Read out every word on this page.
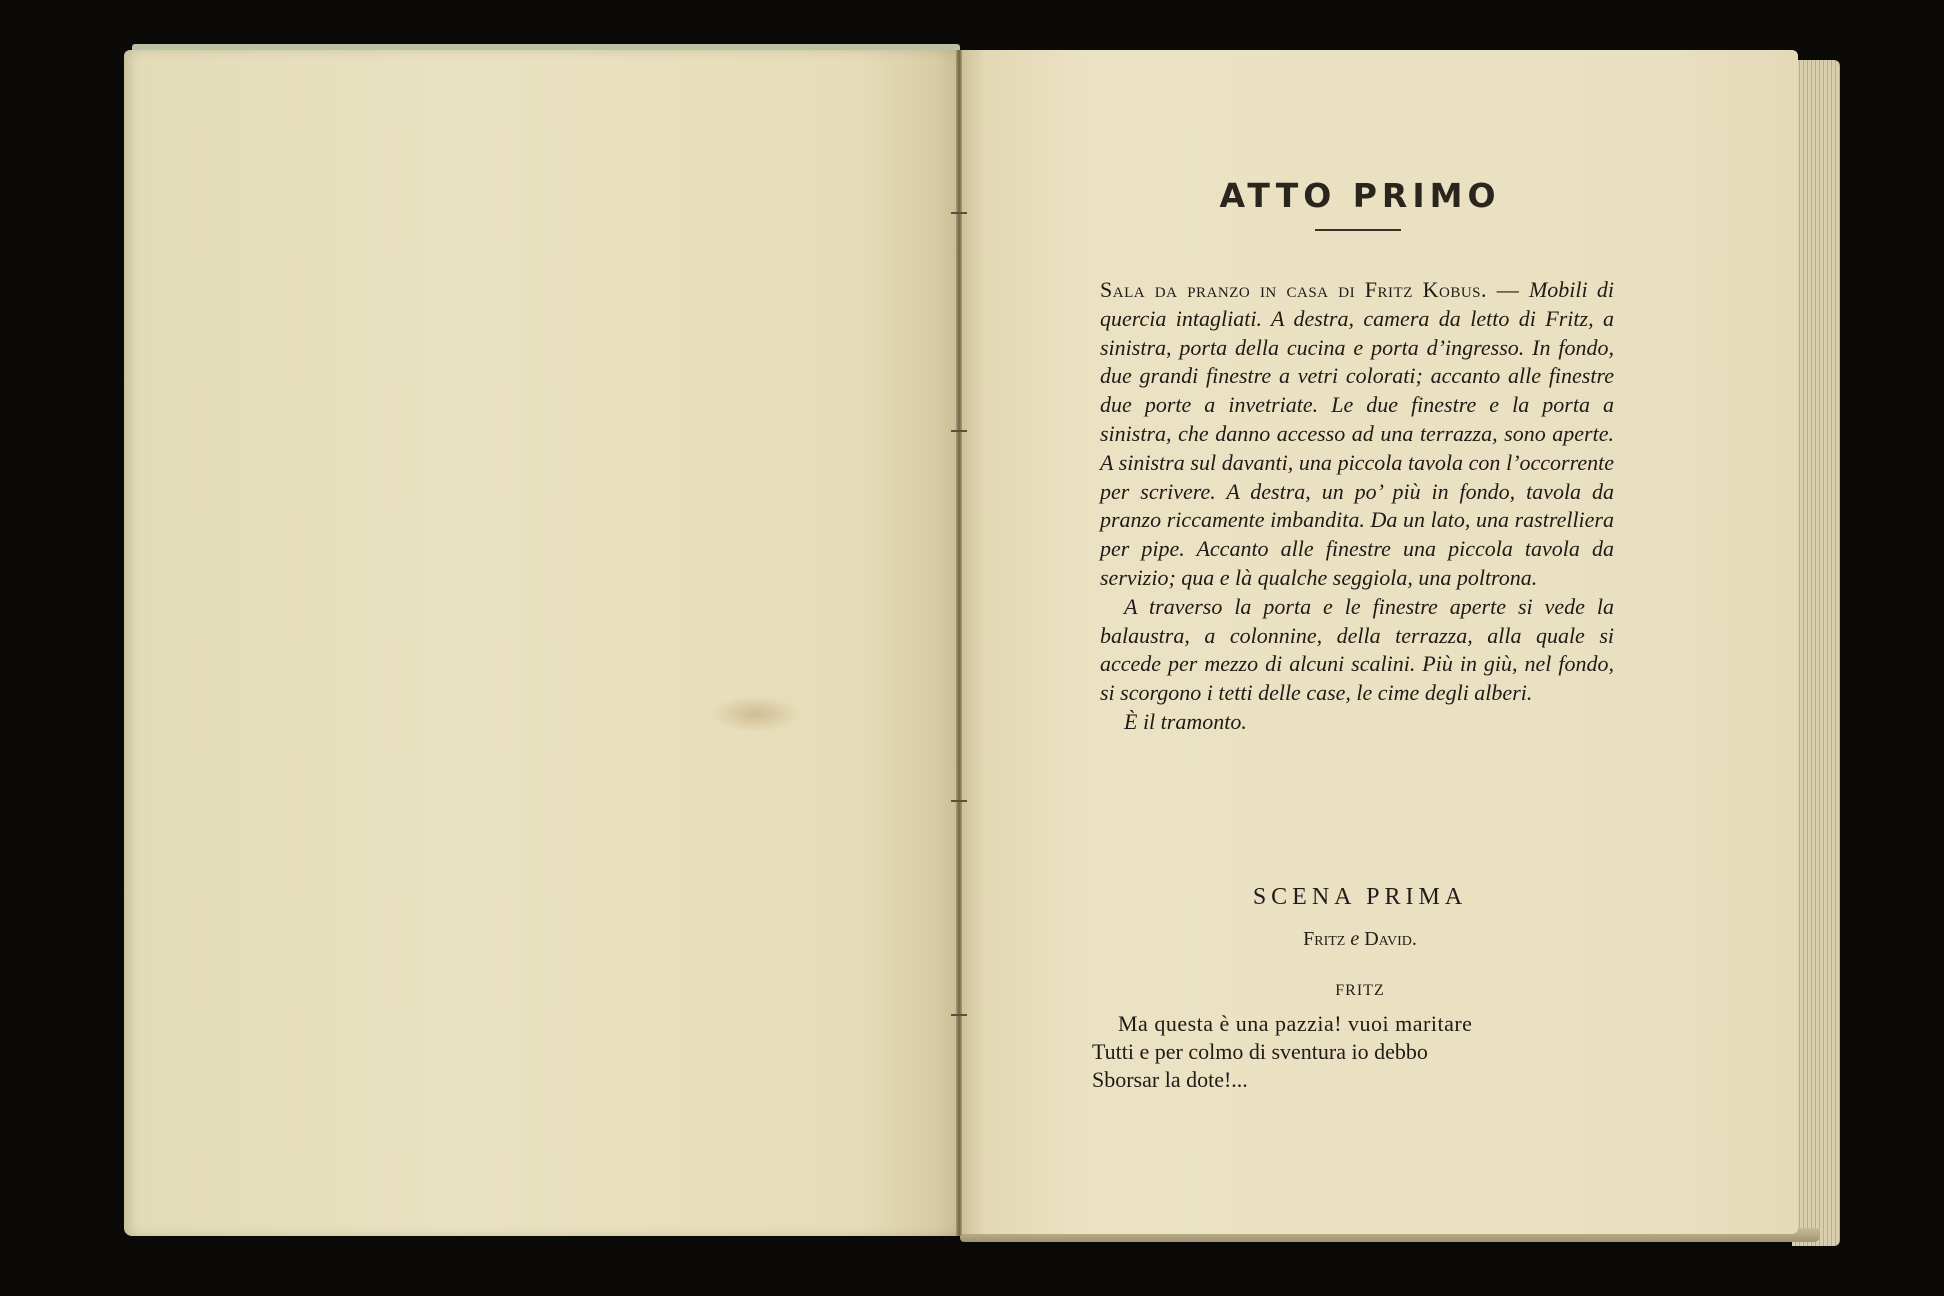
ATTO PRIMO

Sala da pranzo in casa di Fritz Kobus. — Mobili di quercia intagliati. A destra, camera da letto di Fritz, a sinistra, porta della cucina e porta d’ingresso. In fondo, due grandi finestre a vetri colorati; accanto alle finestre due porte a invetriate. Le due finestre e la porta a sinistra, che danno accesso ad una terrazza, sono aperte. A sinistra sul davanti, una piccola tavola con l’occorrente per scrivere. A destra, un po’ più in fondo, tavola da pranzo riccamente imbandita. Da un lato, una rastrelliera per pipe. Accanto alle finestre una piccola tavola da servizio; qua e là qualche seggiola, una poltrona.

A traverso la porta e le finestre aperte si vede la balaustra, a colonnine, della terrazza, alla quale si accede per mezzo di alcuni scalini. Più in giù, nel fondo, si scorgono i tetti delle case, le cime degli alberi.

È il tramonto.

SCENA PRIMA
Fritz e David.
FRITZ
Ma questa è una pazzia! vuoi maritare
Tutti e per colmo di sventura io debbo
Sborsar la dote!...
